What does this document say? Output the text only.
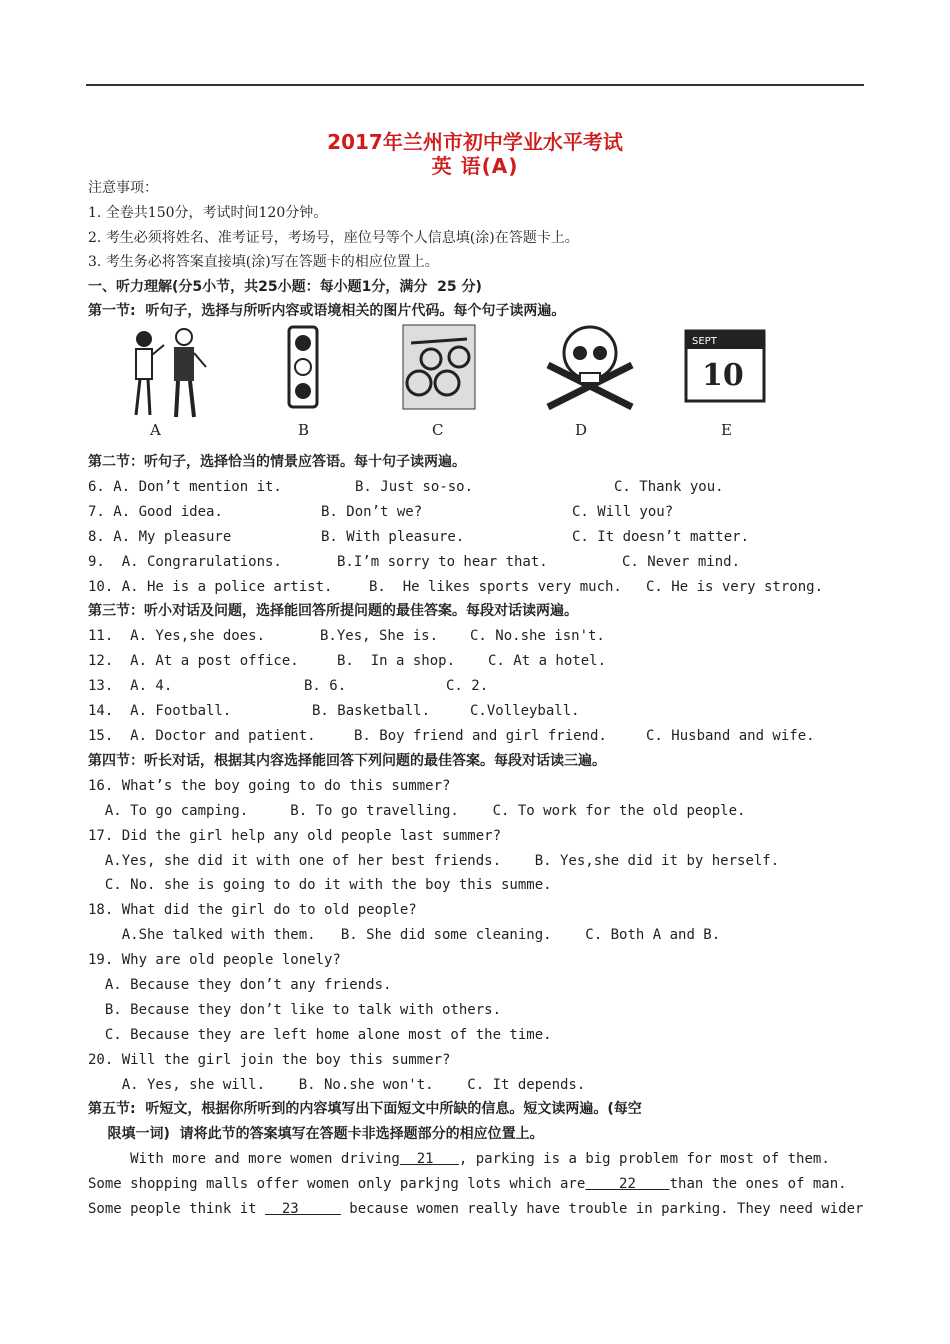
2017年兰州市初中学业水平考试
英 语(A)
注意事项：
1. 全卷共150分，考试时间120分钟。
2. 考生必须将姓名、准考证号，考场号，座位号等个人信息填(涂)在答题卡上。
3. 考生务必将答案直接填(涂)写在答题卡的相应位置上。
一、听力理解(分5小节，共25小题：每小题1分，满分  25 分)
第一节:  听句子，选择与所听内容或语境相关的图片代码。每个句子读两遍。
SEPT
10
A	B	C	D	E
第二节：听句子，选择恰当的情景应答语。每十句子读两遍。
6. A. Don’t mention it.	B. Just so-so.	C. Thank you.
7. A. Good idea.	B. Don’t we?	C. Will you?
8. A. My pleasure	B. With pleasure.	C. It doesn’t matter.
9.  A. Congrarulations.	B.I’m sorry to hear that.	C. Never mind.
10. A. He is a police artist.	B.  He likes sports very much. C. He is very strong.
第三节：听小对话及问题，选择能回答所提问题的最佳答案。每段对话读两遍。
11.  A. Yes,she does.	B.Yes, She is. C. No.she isn't.
12.  A. At a post office.	B.  In a shop. C. At a hotel.
13.  A. 4.	B. 6.	C. 2.
14.  A. Football.	B. Basketball.	C.Volleyball.
15.  A. Doctor and patient.	B. Boy friend and girl friend.	C. Husband and wife.
第四节：听长对话，根据其内容选择能回答下列问题的最佳答案。每段对话读三遍。
16. What’s the boy going to do this summer?
A. To go camping.     B. To go travelling.    C. To work for the old people.
17. Did the girl help any old people last summer?
A.Yes, she did it with one of her best friends.    B. Yes,she did it by herself.
C. No. she is going to do it with the boy this summe.
18. What did the girl do to old people?
A.She talked with them.   B. She did some cleaning.    C. Both A and B.
19. Why are old people lonely?
A. Because they don’t any friends.
B. Because they don’t like to talk with others.
C. Because they are left home alone most of the time.
20. Will the girl join the boy this summer?
A. Yes, she will.    B. No.she won't.    C. It depends.
第五节:  听短文，根据你所听到的内容填写出下面短文中所缺的信息。短文读两遍。(每空
限填一词)  请将此节的答案填写在答题卡非选择题部分的相应位置上。
With more and more women driving  21   , parking is a big problem for most of them.
Some shopping malls offer women only parkjng lots which are    22    than the ones of man.
Some people think it   23      because women really have trouble in parking. They need wider
